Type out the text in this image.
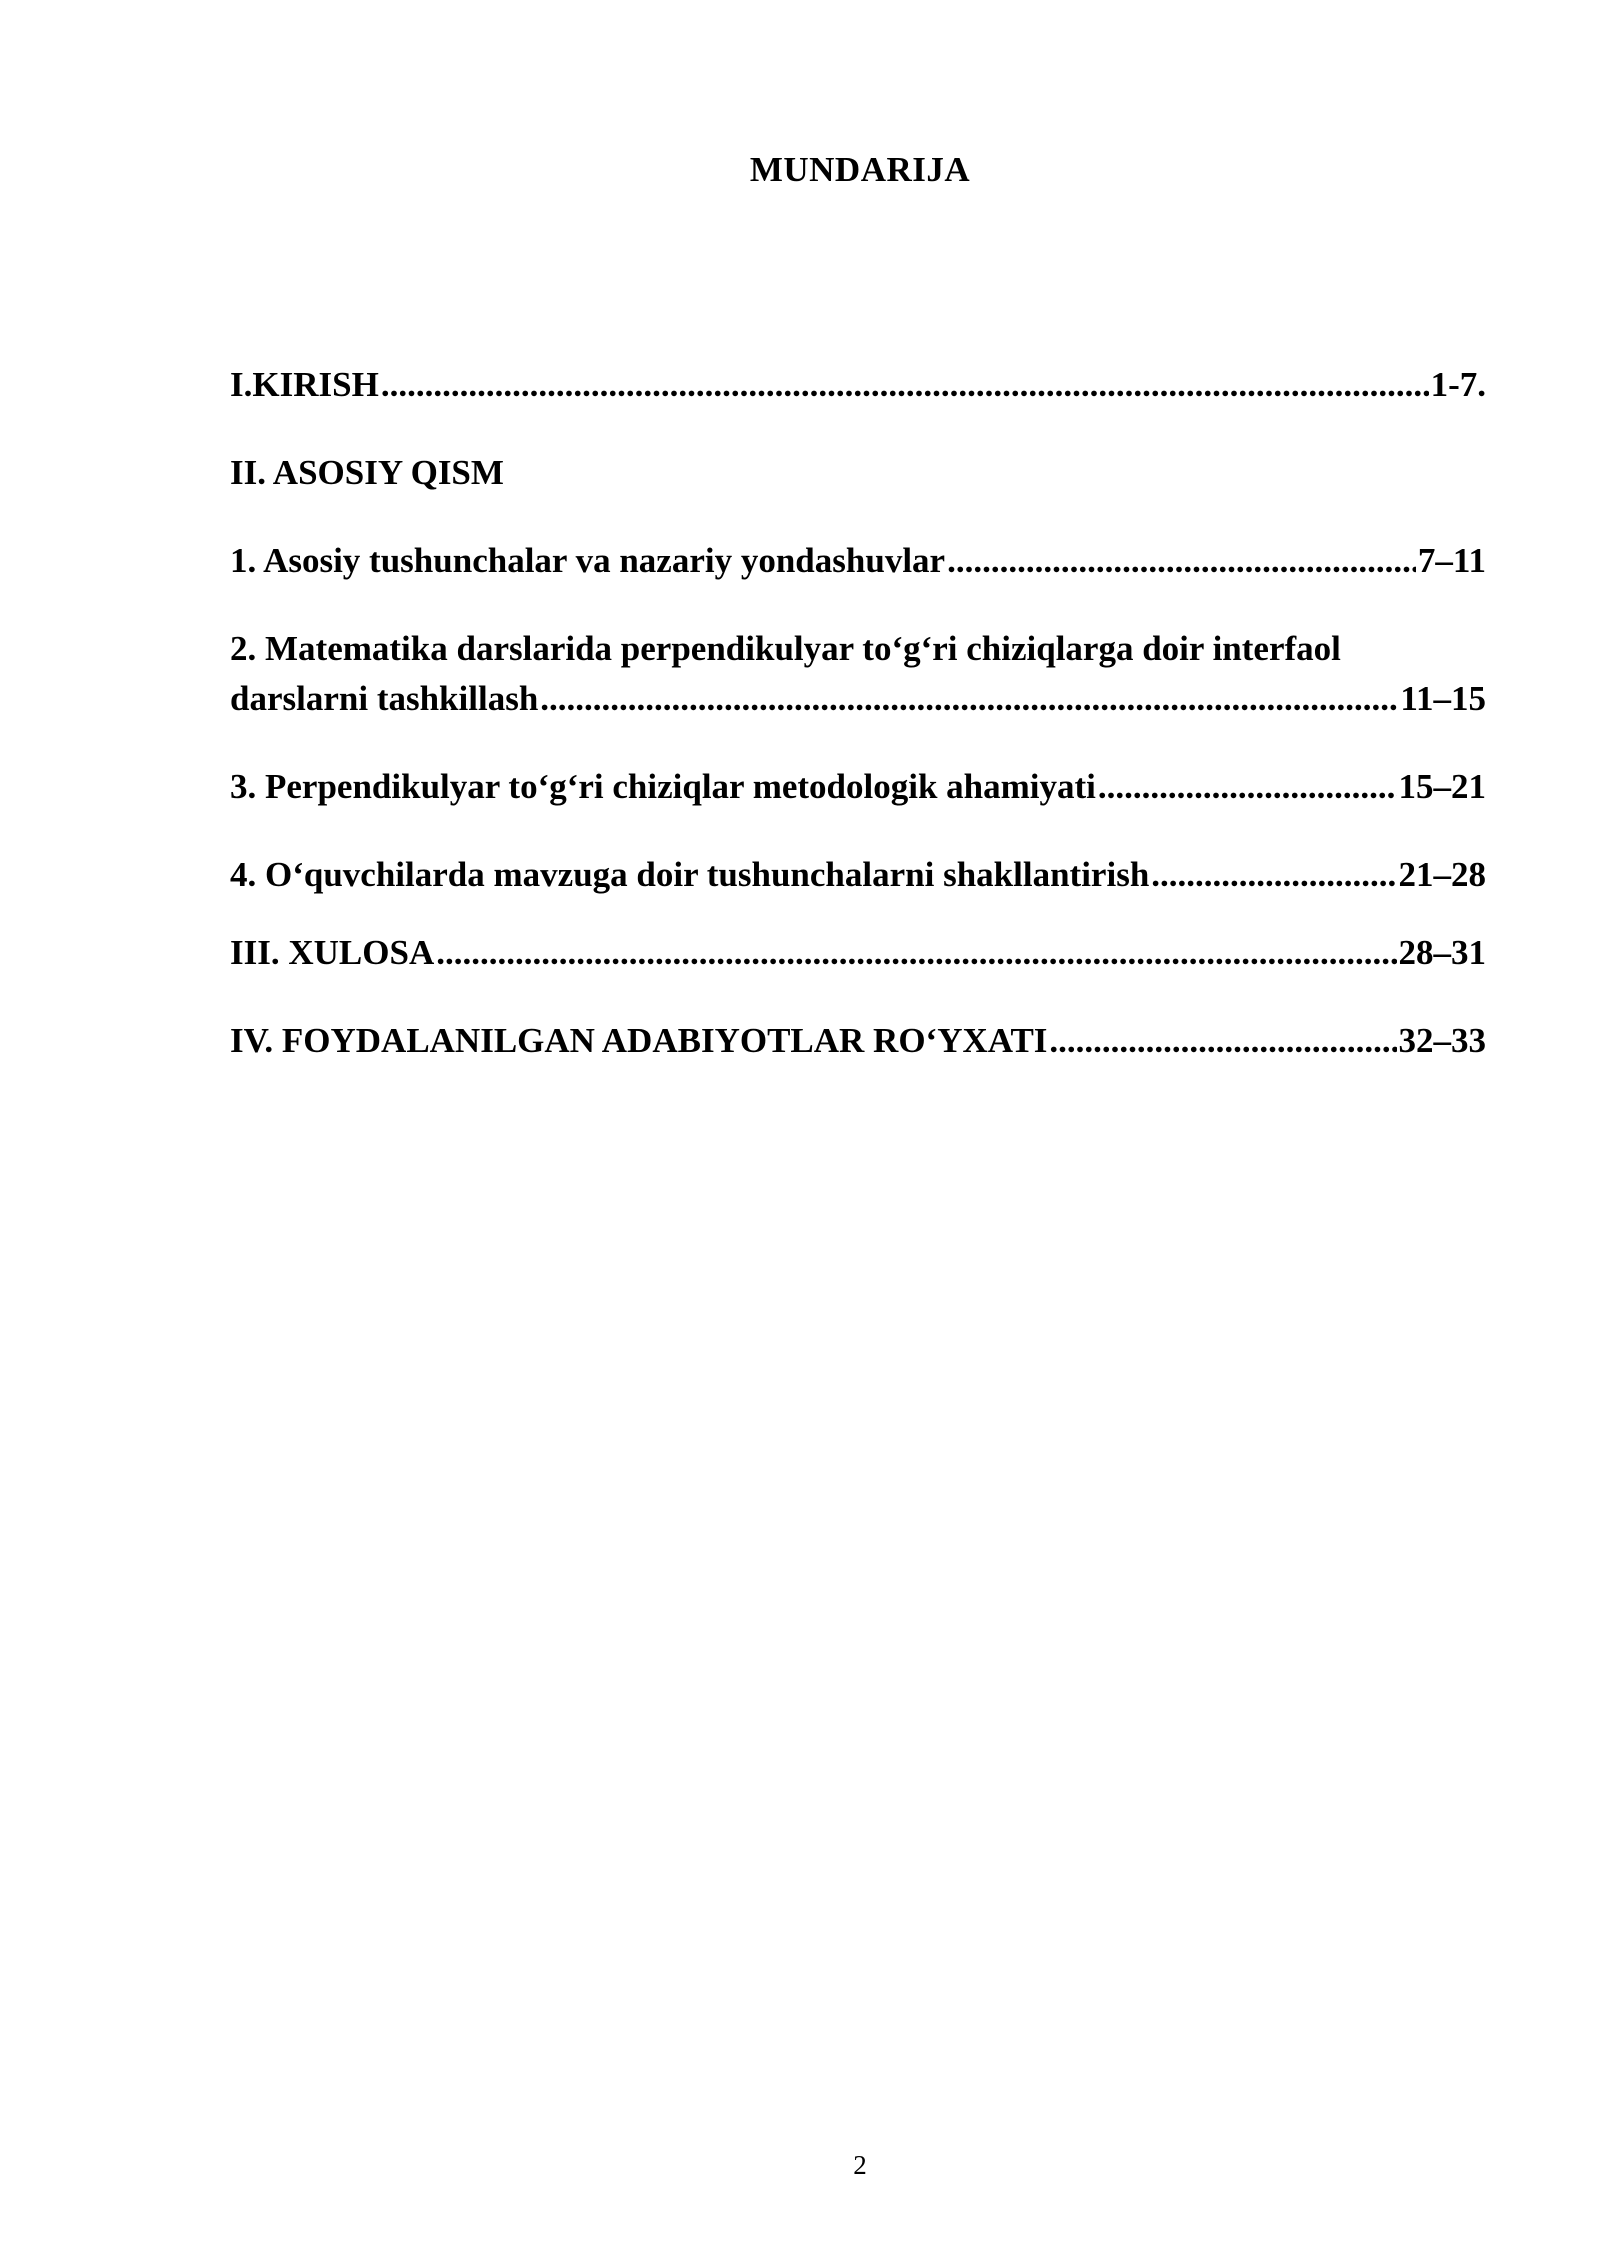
MUNDARIJA
I.KIRISH .....	1-7.
II. ASOSIY QISM
1. Asosiy tushunchalar va nazariy yondashuvlar .....	7–11
2. Matematika darslarida perpendikulyar to‘g‘ri chiziqlarga doir interfaol
darslarni tashkillash .....	11–15
3. Perpendikulyar to‘g‘ri chiziqlar metodologik ahamiyati .....	15–21
4. O‘quvchilarda mavzuga doir tushunchalarni shakllantirish .....	21–28
III. XULOSA .....	28–31
IV. FOYDALANILGAN ADABIYOTLAR RO‘YXATI .....	32–33
2
